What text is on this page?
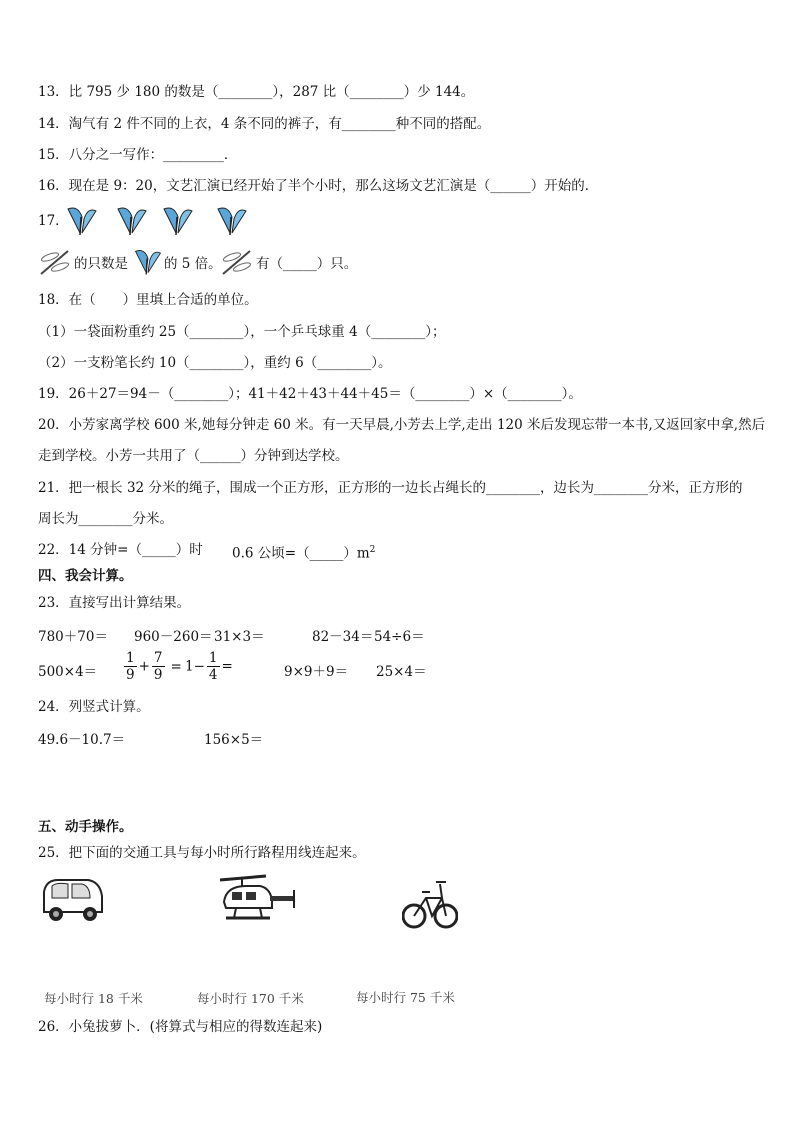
13．比 795 少 180 的数是（________），287 比（________）少 144。
14．淘气有 2 件不同的上衣，4 条不同的裤子，有________种不同的搭配。
15．八分之一写作：_________．
16．现在是 9：20，文艺汇演已经开始了半个小时，那么这场文艺汇演是（______）开始的．
17．
的只数是	的 5 倍。	有（_____）只。
18．在（　　）里填上合适的单位。
（1）一袋面粉重约 25（________），一个乒乓球重 4（________）；
（2）一支粉笔长约 10（________），重约 6（________）。
19．26＋27＝94－（________）；41＋42＋43＋44＋45＝（________）×（________）。
20．小芳家离学校 600 米,她每分钟走 60 米。有一天早晨,小芳去上学,走出 120 米后发现忘带一本书,又返回家中拿,然后
走到学校。小芳一共用了（______）分钟到达学校。
21．把一根长 32 分米的绳子，围成一个正方形，正方形的一边长占绳长的________，边长为________分米，正方形的
周长为________分米。
22．14 分钟=（_____）时 0.6 公顷$=(\_\_\_\_\_)m^2$
四、我会计算。
23．直接写出计算结果。
780＋70＝ 960－260＝ 31×3＝	82－34＝ 54÷6＝
$500\times 4= \frac{1}{9} + \frac{7}{9} = 1- \frac{1}{4}$ =	9×9＋9＝ 25×4＝
24．列竖式计算。
49.6－10.7＝	156×5＝
五、动手操作。
25．把下面的交通工具与每小时所行路程用线连起来。
每小时行 18 千米	每小时行 170 千米	每小时行 75 千米
26．小兔拔萝卜．(将算式与相应的得数连起来)
